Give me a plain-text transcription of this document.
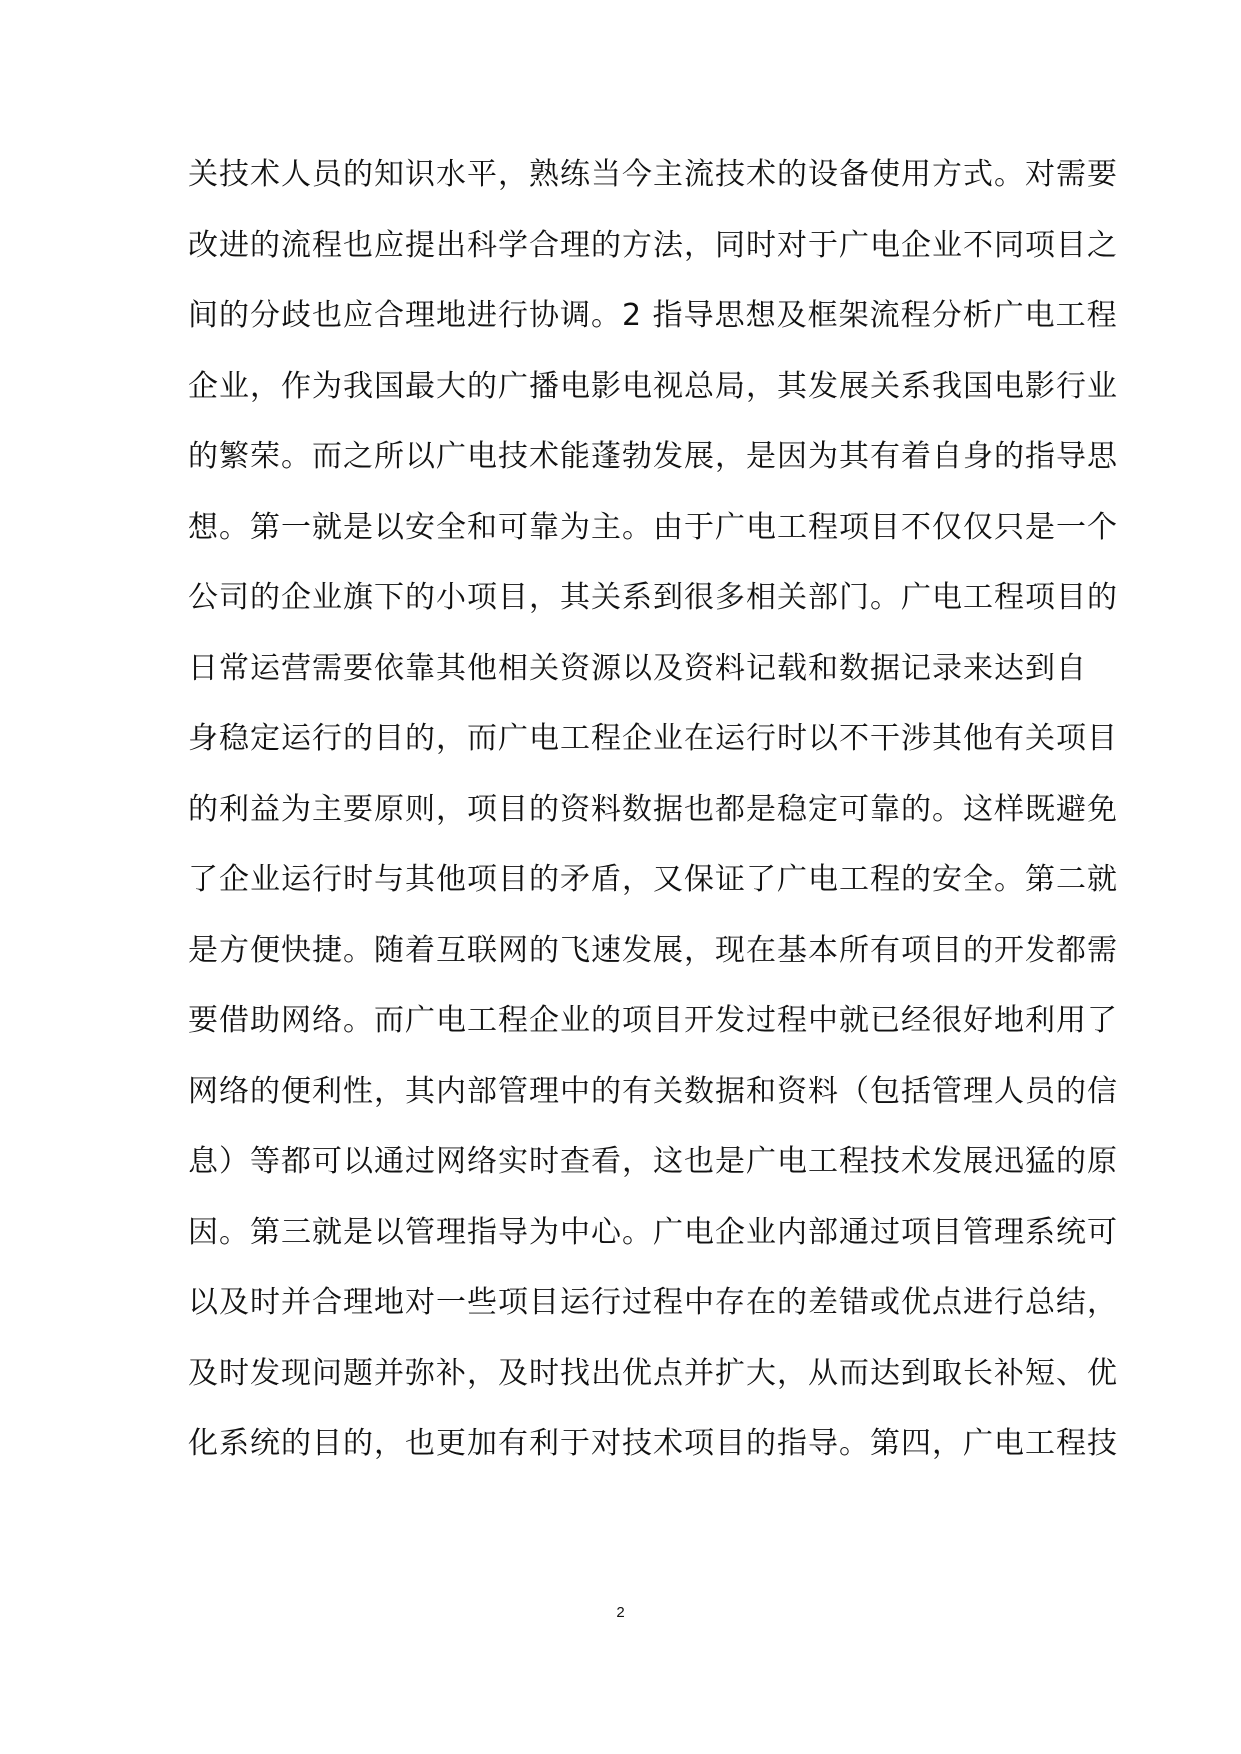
关技术人员的知识水平，熟练当今主流技术的设备使用方式。对需要
改进的流程也应提出科学合理的方法，同时对于广电企业不同项目之
间的分歧也应合理地进行协调。2 指导思想及框架流程分析广电工程
企业，作为我国最大的广播电影电视总局，其发展关系我国电影行业
的繁荣。而之所以广电技术能蓬勃发展，是因为其有着自身的指导思
想。第一就是以安全和可靠为主。由于广电工程项目不仅仅只是一个
公司的企业旗下的小项目，其关系到很多相关部门。广电工程项目的
日常运营需要依靠其他相关资源以及资料记载和数据记录来达到自
身稳定运行的目的，而广电工程企业在运行时以不干涉其他有关项目
的利益为主要原则，项目的资料数据也都是稳定可靠的。这样既避免
了企业运行时与其他项目的矛盾，又保证了广电工程的安全。第二就
是方便快捷。随着互联网的飞速发展，现在基本所有项目的开发都需
要借助网络。而广电工程企业的项目开发过程中就已经很好地利用了
网络的便利性，其内部管理中的有关数据和资料（包括管理人员的信
息）等都可以通过网络实时查看，这也是广电工程技术发展迅猛的原
因。第三就是以管理指导为中心。广电企业内部通过项目管理系统可
以及时并合理地对一些项目运行过程中存在的差错或优点进行总结，
及时发现问题并弥补，及时找出优点并扩大，从而达到取长补短、优
化系统的目的，也更加有利于对技术项目的指导。第四，广电工程技
2
